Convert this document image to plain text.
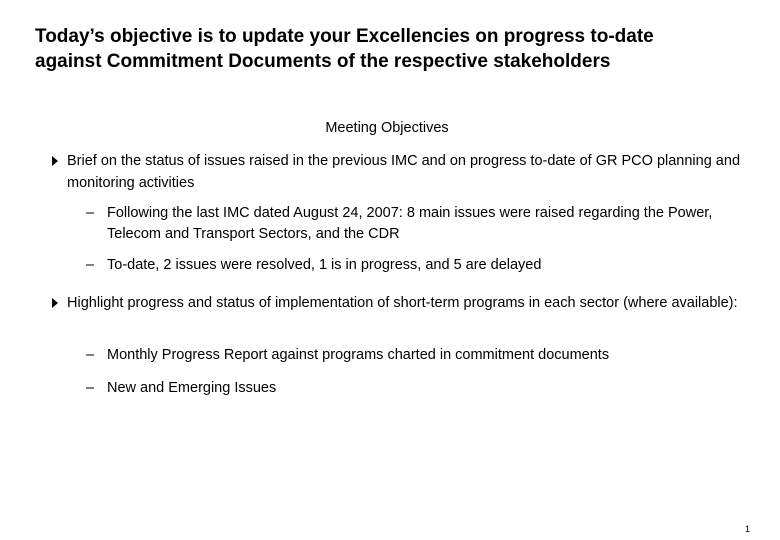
Today’s objective is to update your Excellencies on progress to-date
against Commitment Documents of the respective stakeholders
Meeting Objectives
Brief on the status of issues raised in the previous IMC and on progress to-date of GR PCO planning and monitoring activities
– Following the last IMC dated August 24, 2007: 8 main issues were raised regarding the Power, Telecom and Transport Sectors, and the CDR
– To-date, 2 issues were resolved, 1 is in progress, and 5 are delayed
Highlight progress and status of implementation of short-term programs in each sector (where available):
– Monthly Progress Report against programs charted in commitment documents
– New and Emerging Issues
1
